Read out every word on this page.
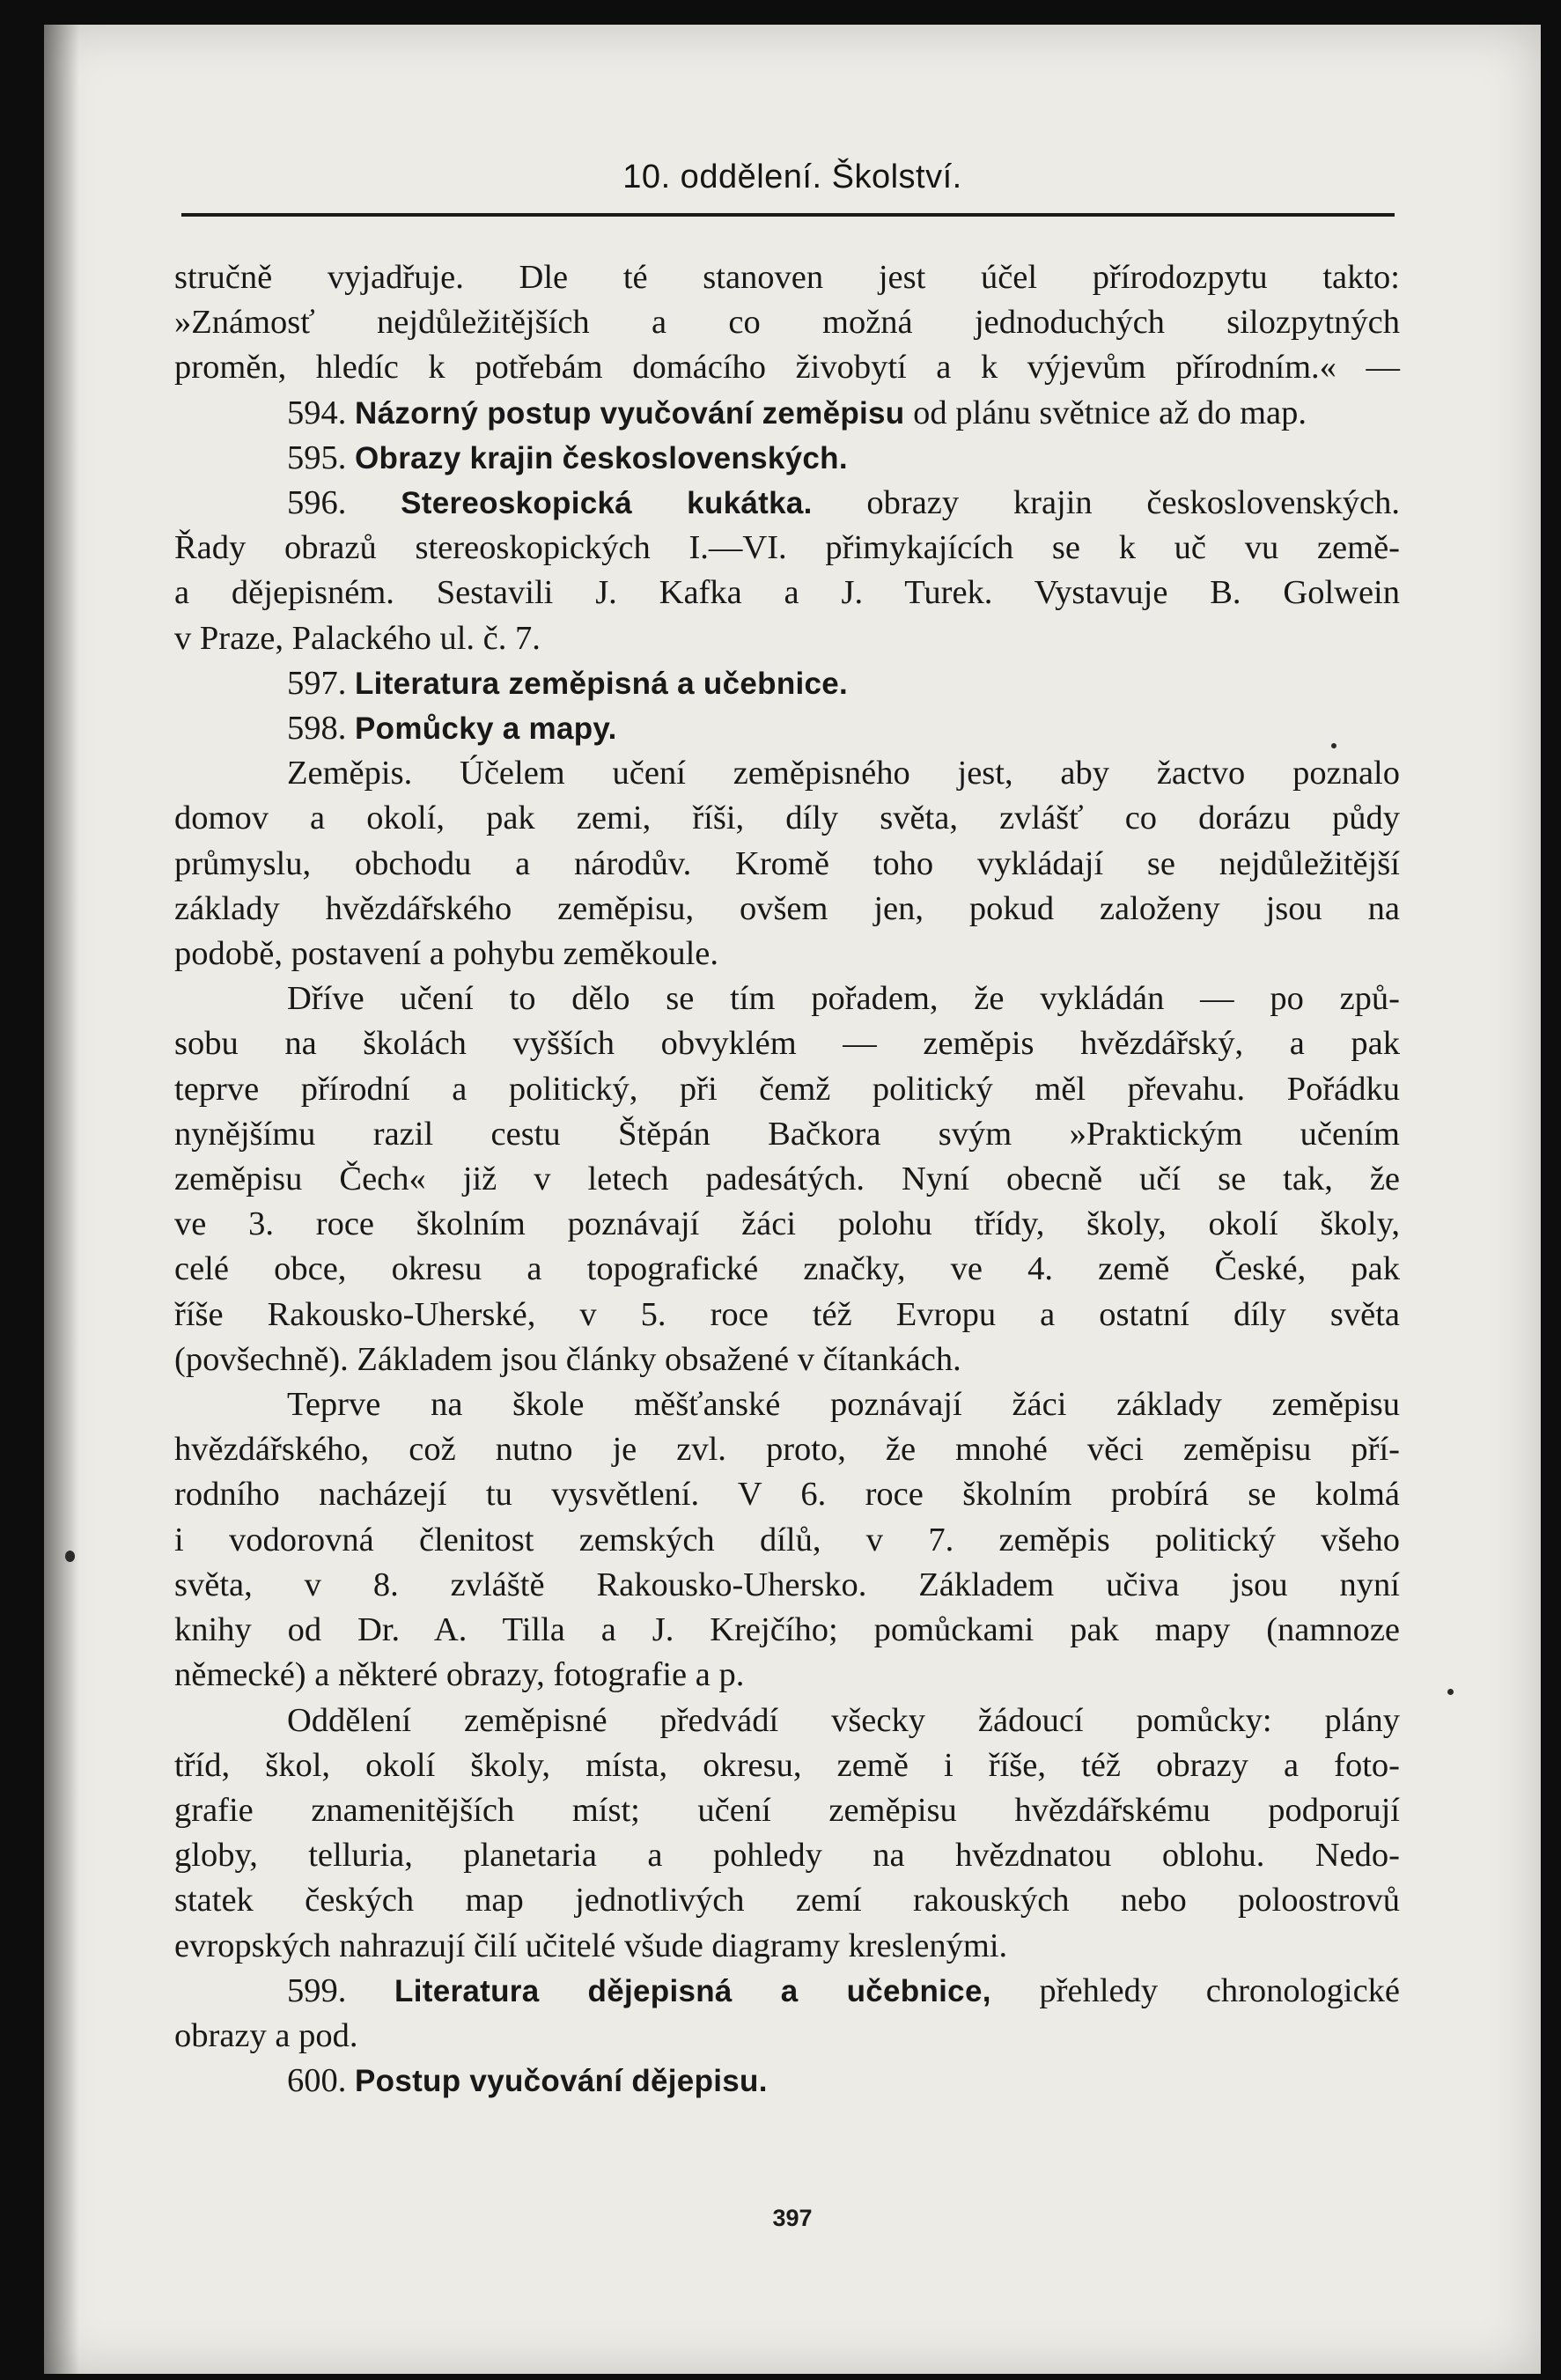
10. oddělení. Školství.
stručně vyjadřuje. Dle té stanoven jest účel přírodozpytu takto:
»Známosť nejdůležitějších a co možná jednoduchých silozpytných
proměn, hledíc k potřebám domácího živobytí a k výjevům přírodním.« —
594. Názorný postup vyučování zeměpisu od plánu světnice až do map.
595. Obrazy krajin československých.
596. Stereoskopická kukátka. obrazy krajin československých.
Řady obrazů stereoskopických I.—VI. přimykajících se k uč vu země-
a dějepisném. Sestavili J. Kafka a J. Turek. Vystavuje B. Golwein
v Praze, Palackého ul. č. 7.
597. Literatura zeměpisná a učebnice.
598. Pomůcky a mapy.
Zeměpis. Účelem učení zeměpisného jest, aby žactvo poznalo
domov a okolí, pak zemi, říši, díly světa, zvlášť co dorázu půdy
průmyslu, obchodu a národův. Kromě toho vykládají se nejdůležitější
základy hvězdářského zeměpisu, ovšem jen, pokud založeny jsou na
podobě, postavení a pohybu zeměkoule.
Dříve učení to dělo se tím pořadem, že vykládán — po způ-
sobu na školách vyšších obvyklém — zeměpis hvězdářský, a pak
teprve přírodní a politický, při čemž politický měl převahu. Pořádku
nynějšímu razil cestu Štěpán Bačkora svým »Praktickým učením
zeměpisu Čech« již v letech padesátých. Nyní obecně učí se tak, že
ve 3. roce školním poznávají žáci polohu třídy, školy, okolí školy,
celé obce, okresu a topografické značky, ve 4. země České, pak
říše Rakousko-Uherské, v 5. roce též Evropu a ostatní díly světa
(povšechně). Základem jsou články obsažené v čítankách.
Teprve na škole měšťanské poznávají žáci základy zeměpisu
hvězdářského, což nutno je zvl. proto, že mnohé věci zeměpisu pří-
rodního nacházejí tu vysvětlení. V 6. roce školním probírá se kolmá
i vodorovná členitost zemských dílů, v 7. zeměpis politický všeho
světa, v 8. zvláště Rakousko-Uhersko. Základem učiva jsou nyní
knihy od Dr. A. Tilla a J. Krejčího; pomůckami pak mapy (namnoze
německé) a některé obrazy, fotografie a p.
Oddělení zeměpisné předvádí všecky žádoucí pomůcky: plány
tříd, škol, okolí školy, místa, okresu, země i říše, též obrazy a foto-
grafie znamenitějších míst; učení zeměpisu hvězdářskému podporují
globy, telluria, planetaria a pohledy na hvězdnatou oblohu. Nedo-
statek českých map jednotlivých zemí rakouských nebo poloostrovů
evropských nahrazují čilí učitelé všude diagramy kreslenými.
599. Literatura dějepisná a učebnice, přehledy chronologické
obrazy a pod.
600. Postup vyučování dějepisu.
397
